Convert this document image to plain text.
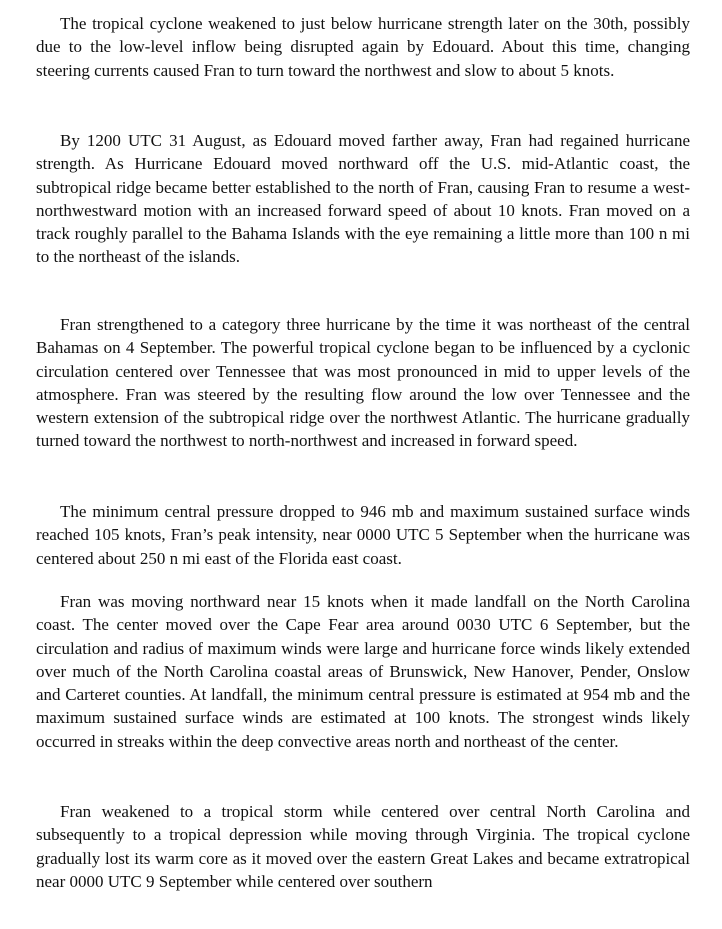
The tropical cyclone weakened to just below hurricane strength later on the 30th, possibly due to the low-level inflow being disrupted again by Edouard. About this time, changing steering currents caused Fran to turn toward the northwest and slow to about 5 knots.

By 1200 UTC 31 August, as Edouard moved farther away, Fran had regained hurricane strength. As Hurricane Edouard moved northward off the U.S. mid-Atlantic coast, the subtropical ridge became better established to the north of Fran, causing Fran to resume a west-northwestward motion with an increased forward speed of about 10 knots. Fran moved on a track roughly parallel to the Bahama Islands with the eye remaining a little more than 100 n mi to the northeast of the islands.

Fran strengthened to a category three hurricane by the time it was northeast of the central Bahamas on 4 September. The powerful tropical cyclone began to be influenced by a cyclonic circulation centered over Tennessee that was most pronounced in mid to upper levels of the atmosphere. Fran was steered by the resulting flow around the low over Tennessee and the western extension of the subtropical ridge over the northwest Atlantic. The hurricane gradually turned toward the northwest to north-northwest and increased in forward speed.

The minimum central pressure dropped to 946 mb and maximum sustained surface winds reached 105 knots, Fran’s peak intensity, near 0000 UTC 5 September when the hurricane was centered about 250 n mi east of the Florida east coast.

Fran was moving northward near 15 knots when it made landfall on the North Carolina coast. The center moved over the Cape Fear area around 0030 UTC 6 September, but the circulation and radius of maximum winds were large and hurricane force winds likely extended over much of the North Carolina coastal areas of Brunswick, New Hanover, Pender, Onslow and Carteret counties. At landfall, the minimum central pressure is estimated at 954 mb and the maximum sustained surface winds are estimated at 100 knots. The strongest winds likely occurred in streaks within the deep convective areas north and northeast of the center.

Fran weakened to a tropical storm while centered over central North Carolina and subsequently to a tropical depression while moving through Virginia. The tropical cyclone gradually lost its warm core as it moved over the eastern Great Lakes and became extratropical near 0000 UTC 9 September while centered over southern
